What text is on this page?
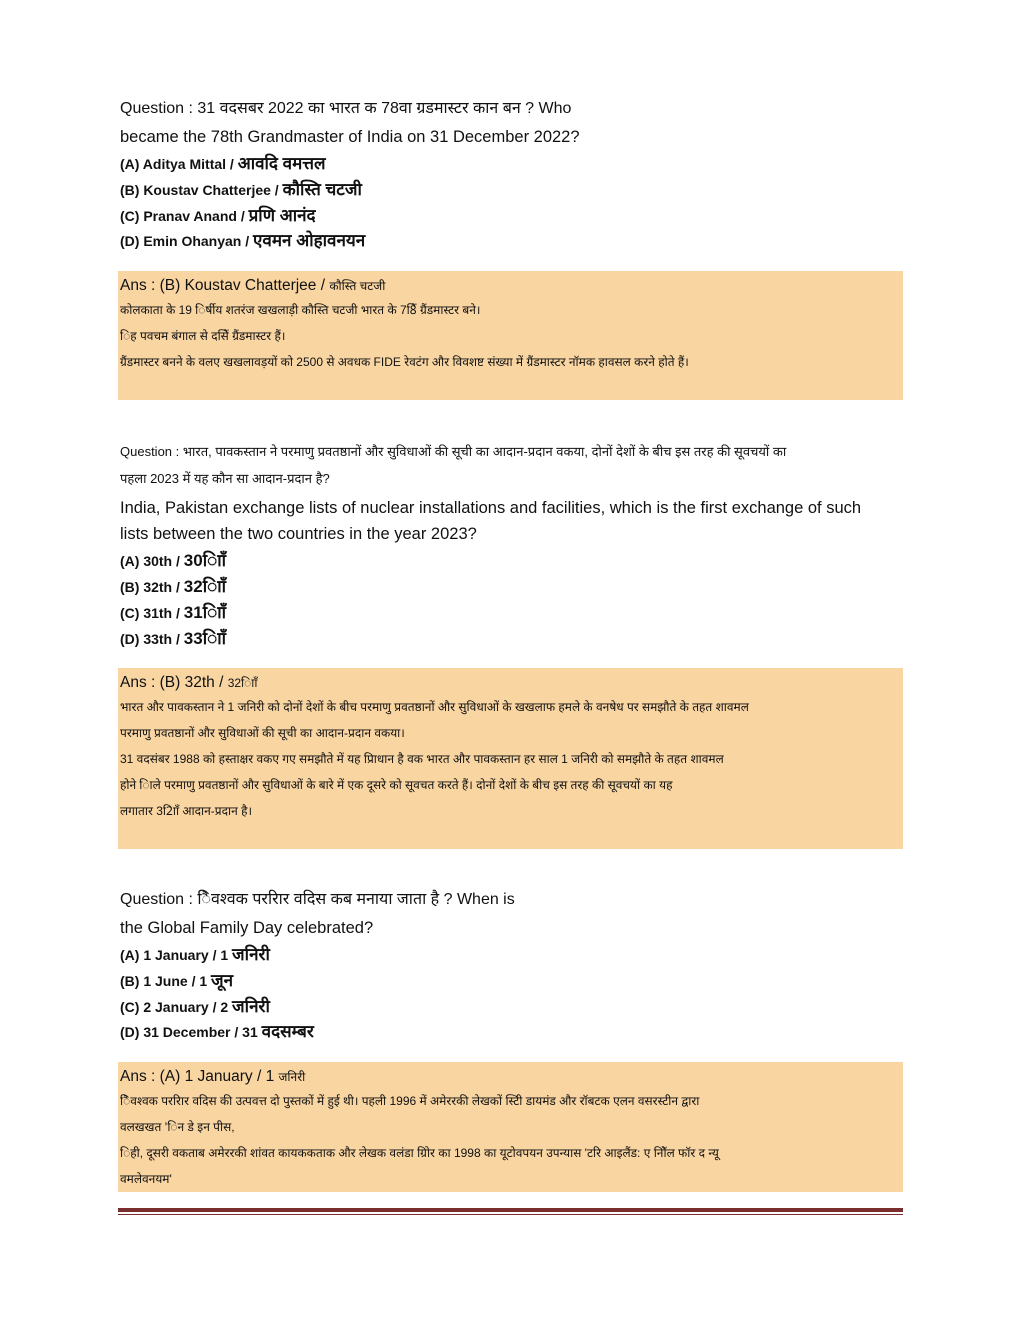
Question : 31 वदसबर 2022 का भारत क 78वा ग्रडमास्टर कान बन ? Who
became the 78th Grandmaster of India on 31 December 2022?
(A) Aditya Mittal / आवदि वमत्तल
(B) Koustav Chatterjee / कौस्ति चटजी
(C) Pranav Anand / प्रणि आनंद
(D) Emin Ohanyan / एवमन ओहावनयन
Ans : (B) Koustav Chatterjee / कौस्ति चटजी
कोलकाता के 19 िर्षीय शतरंज खखलाड़ी कौस्ति चटजी भारत के 78िें ग्रैंडमास्टर बने।
िह पवचम बंगाल से दसिें ग्रैंडमास्टर हैं।
ग्रैंडमास्टर बनने के वलए खखलावड़यों को 2500 से अवधक FIDE रेवटंग और विवशष्ट संख्या में ग्रैंडमास्टर नॉमक हावसल करने होते हैं।
Question : भारत, पावकस्तान ने परमाणु प्रवतष्ठानों और सुविधाओं की सूची का आदान-प्रदान वकया, दोनों देशों के बीच इस तरह की सूवचयों का
पहला 2023 में यह कौन सा आदान-प्रदान है?
India, Pakistan exchange lists of nuclear installations and facilities, which is the first exchange of such
lists between the two countries in the year 2023?
(A) 30th / 30िााँ
(B) 32th / 32िााँ
(C) 31th / 31िााँ
(D) 33th / 33िााँ
Ans : (B) 32th / 32िााँ
भारत और पावकस्तान ने 1 जनिरी को दोनों देशों के बीच परमाणु प्रवतष्ठानों और सुविधाओं के खखलाफ हमले के वनषेध पर समझौते के तहत शावमल
परमाणु प्रवतष्ठानों और सुविधाओं की सूची का आदान-प्रदान वकया।
31 वदसंबर 1988 को हस्ताक्षर वकए गए समझौते में यह प्रािधान है वक भारत और पावकस्तान हर साल 1 जनिरी को समझौते के तहत शावमल
होने िाले परमाणु प्रवतष्ठानों और सुविधाओं के बारे में एक दूसरे को सूवचत करते हैं। दोनों देशों के बीच इस तरह की सूवचयों का यह
लगातार 32िााँ आदान-प्रदान है।
Question : िैवश्वक पररिार वदिस कब मनाया जाता है ? When is
the Global Family Day celebrated?
(A) 1 January / 1 जनिरी
(B) 1 June / 1 जून
(C) 2 January / 2 जनिरी
(D) 31 December / 31 वदसम्बर
Ans : (A) 1 January / 1 जनिरी
िैवश्वक पररिार वदिस की उत्पवत्त दो पुस्तकों में हुई थी। पहली 1996 में अमेररकी लेखकों स्टीि डायमंड और रॉबटक एलन वसरस्टीन द्वारा
वलखखत 'िन डे इन पीस,
िही, दूसरी वकताब अमेररकी शांवत कायककताक और लेखक वलंडा ग्रोिर का 1998 का यूटोवपयन उपन्यास 'टरि आइलैंड: ए नॉिेल फॉर द न्यू
वमलेवनयम'
